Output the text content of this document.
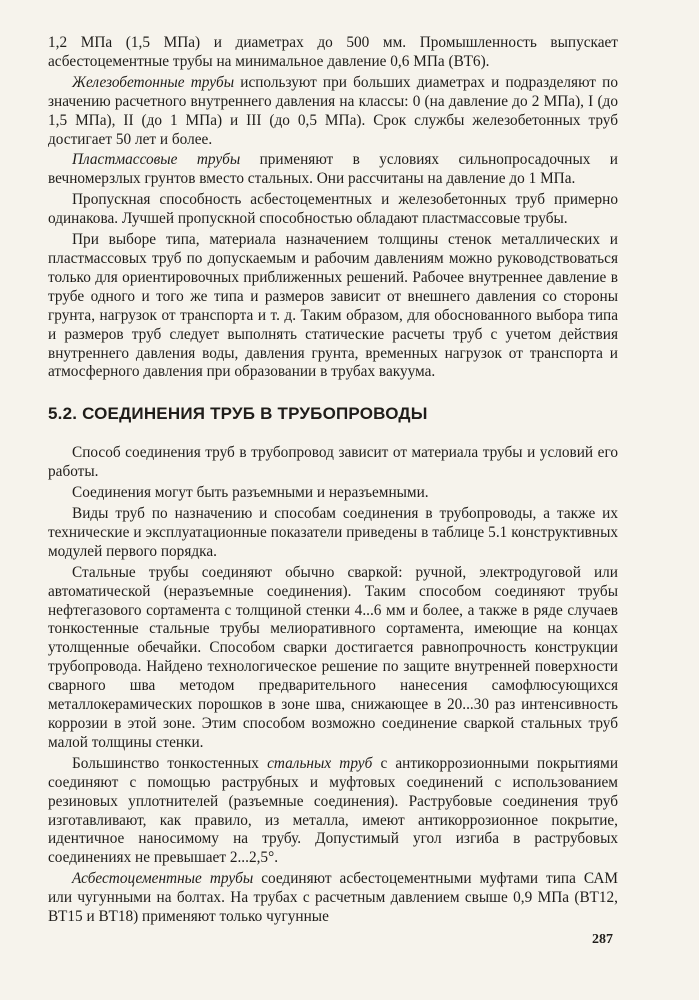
1,2 МПа (1,5 МПа) и диаметрах до 500 мм. Промышленность выпускает асбестоцементные трубы на минимальное давление 0,6 МПа (ВТ6).

Железобетонные трубы используют при больших диаметрах и подразделяют по значению расчетного внутреннего давления на классы: 0 (на давление до 2 МПа), I (до 1,5 МПа), II (до 1 МПа) и III (до 0,5 МПа). Срок службы железобетонных труб достигает 50 лет и более.

Пластмассовые трубы применяют в условиях сильнопросадочных и вечномерзлых грунтов вместо стальных. Они рассчитаны на давление до 1 МПа.

Пропускная способность асбестоцементных и железобетонных труб примерно одинакова. Лучшей пропускной способностью обладают пластмассовые трубы.

При выборе типа, материала назначением толщины стенок металлических и пластмассовых труб по допускаемым и рабочим давлениям можно руководствоваться только для ориентировочных приближенных решений. Рабочее внутреннее давление в трубе одного и того же типа и размеров зависит от внешнего давления со стороны грунта, нагрузок от транспорта и т. д. Таким образом, для обоснованного выбора типа и размеров труб следует выполнять статические расчеты труб с учетом действия внутреннего давления воды, давления грунта, временных нагрузок от транспорта и атмосферного давления при образовании в трубах вакуума.

5.2. СОЕДИНЕНИЯ ТРУБ В ТРУБОПРОВОДЫ

Способ соединения труб в трубопровод зависит от материала трубы и условий его работы.

Соединения могут быть разъемными и неразъемными.

Виды труб по назначению и способам соединения в трубопроводы, а также их технические и эксплуатационные показатели приведены в таблице 5.1 конструктивных модулей первого порядка.

Стальные трубы соединяют обычно сваркой: ручной, электродуговой или автоматической (неразъемные соединения). Таким способом соединяют трубы нефтегазового сортамента с толщиной стенки 4...6 мм и более, а также в ряде случаев тонкостенные стальные трубы мелиоративного сортамента, имеющие на концах утолщенные обечайки. Способом сварки достигается равнопрочность конструкции трубопровода. Найдено технологическое решение по защите внутренней поверхности сварного шва методом предварительного нанесения самофлюсующихся металлокерамических порошков в зоне шва, снижающее в 20...30 раз интенсивность коррозии в этой зоне. Этим способом возможно соединение сваркой стальных труб малой толщины стенки.

Большинство тонкостенных стальных труб с антикоррозионными покрытиями соединяют с помощью раструбных и муфтовых соединений с использованием резиновых уплотнителей (разъемные соединения). Раструбовые соединения труб изготавливают, как правило, из металла, имеют антикоррозионное покрытие, идентичное наносимому на трубу. Допустимый угол изгиба в раструбовых соединениях не превышает 2...2,5°.

Асбестоцементные трубы соединяют асбестоцементными муфтами типа САМ или чугунными на болтах. На трубах с расчетным давлением свыше 0,9 МПа (ВТ12, ВТ15 и ВТ18) применяют только чугунные

287
